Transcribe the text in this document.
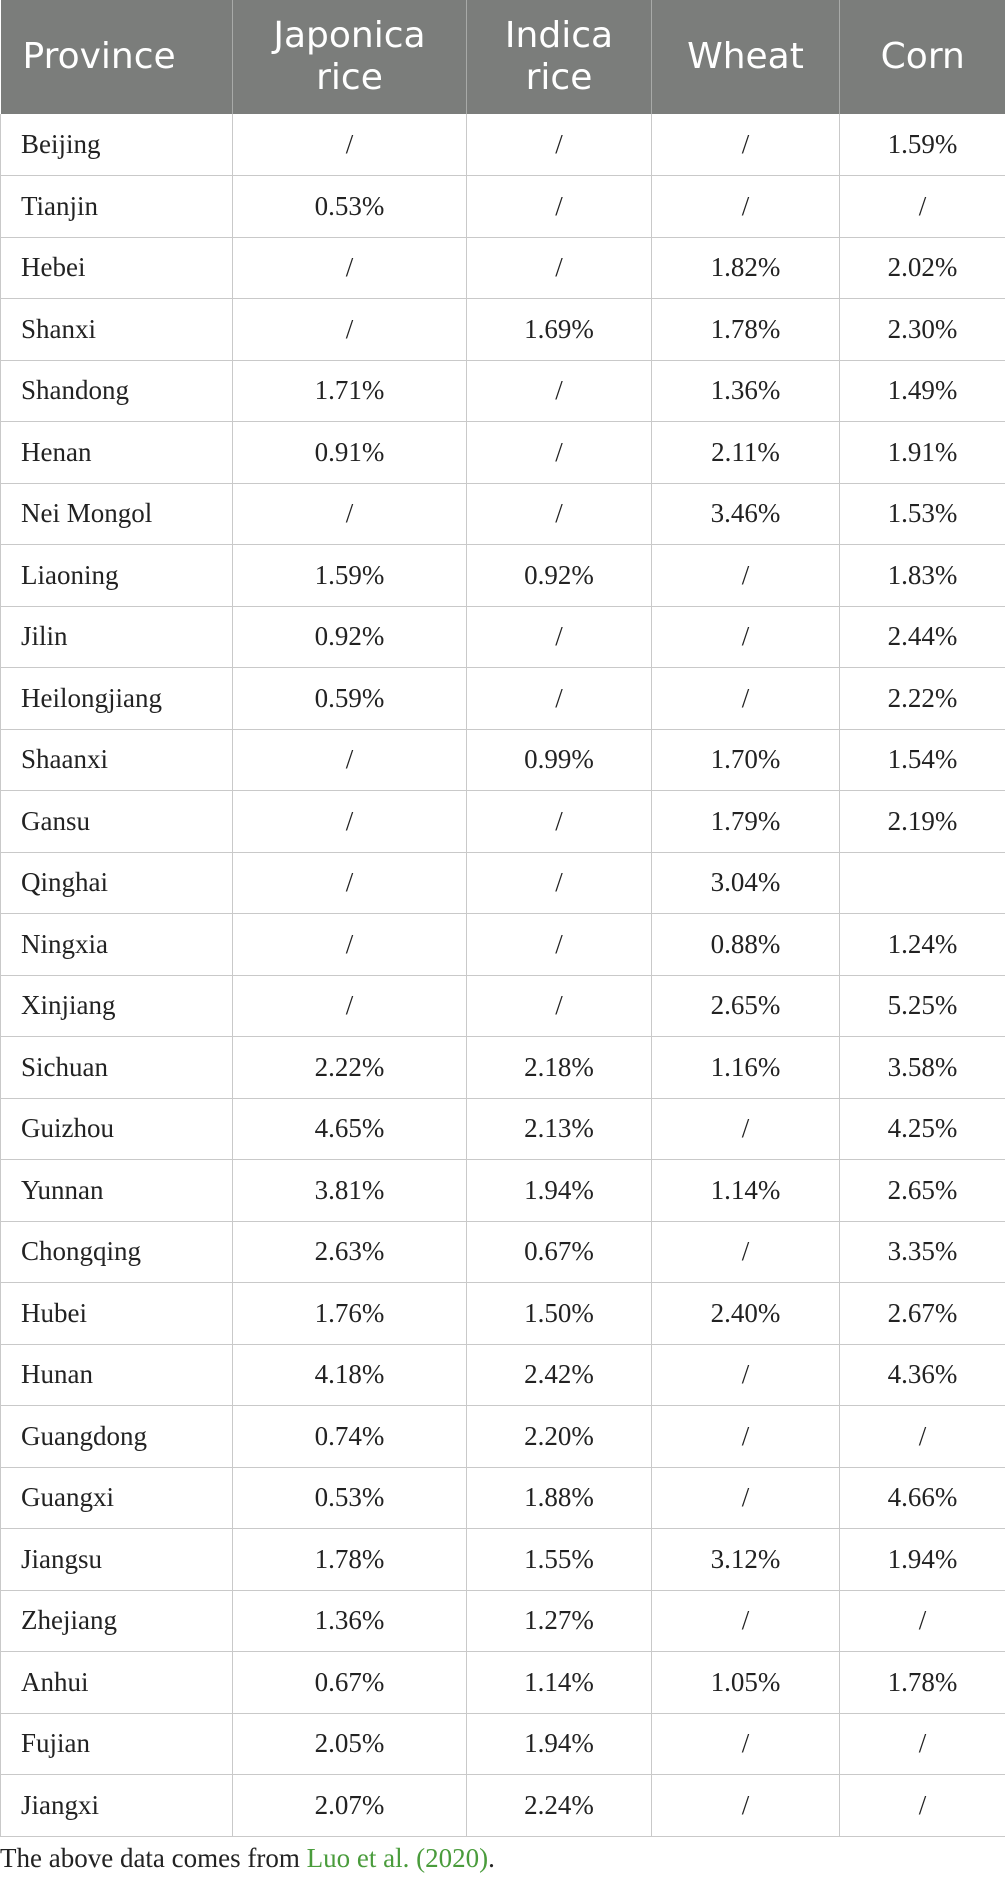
Province	Japonica rice	Indica rice	Wheat	Corn
Beijing	/	/	/	1.59%
Tianjin	0.53%	/	/	/
Hebei	/	/	1.82%	2.02%
Shanxi	/	1.69%	1.78%	2.30%
Shandong	1.71%	/	1.36%	1.49%
Henan	0.91%	/	2.11%	1.91%
Nei Mongol	/	/	3.46%	1.53%
Liaoning	1.59%	0.92%	/	1.83%
Jilin	0.92%	/	/	2.44%
Heilongjiang	0.59%	/	/	2.22%
Shaanxi	/	0.99%	1.70%	1.54%
Gansu	/	/	1.79%	2.19%
Qinghai	/	/	3.04%	
Ningxia	/	/	0.88%	1.24%
Xinjiang	/	/	2.65%	5.25%
Sichuan	2.22%	2.18%	1.16%	3.58%
Guizhou	4.65%	2.13%	/	4.25%
Yunnan	3.81%	1.94%	1.14%	2.65%
Chongqing	2.63%	0.67%	/	3.35%
Hubei	1.76%	1.50%	2.40%	2.67%
Hunan	4.18%	2.42%	/	4.36%
Guangdong	0.74%	2.20%	/	/
Guangxi	0.53%	1.88%	/	4.66%
Jiangsu	1.78%	1.55%	3.12%	1.94%
Zhejiang	1.36%	1.27%	/	/
Anhui	0.67%	1.14%	1.05%	1.78%
Fujian	2.05%	1.94%	/	/
Jiangxi	2.07%	2.24%	/	/
The above data comes from Luo et al. (2020).
